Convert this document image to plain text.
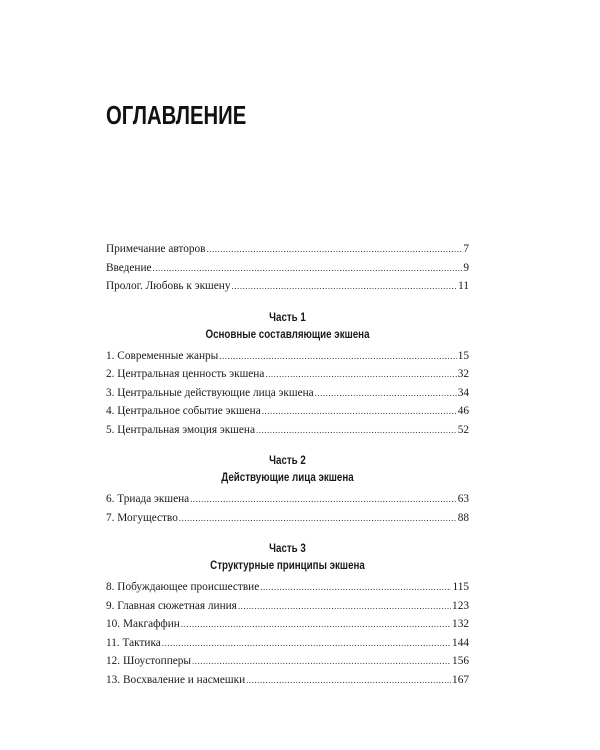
ОГЛАВЛЕНИЕ
Примечание авторов .....	7
Введение .....	9
Пролог. Любовь к экшену .....	11
Часть 1
Основные составляющие экшена
1. Современные жанры .....	15
2. Центральная ценность экшена .....	32
3. Центральные действующие лица экшена .....	34
4. Центральное событие экшена .....	46
5. Центральная эмоция экшена .....	52
Часть 2
Действующие лица экшена
6. Триада экшена .....	63
7. Могущество .....	88
Часть 3
Структурные принципы экшена
8. Побуждающее происшествие .....	115
9. Главная сюжетная линия .....	123
10. Макгаффин .....	132
11. Тактика .....	144
12. Шоустопперы .....	156
13. Восхваление и насмешки .....	167
